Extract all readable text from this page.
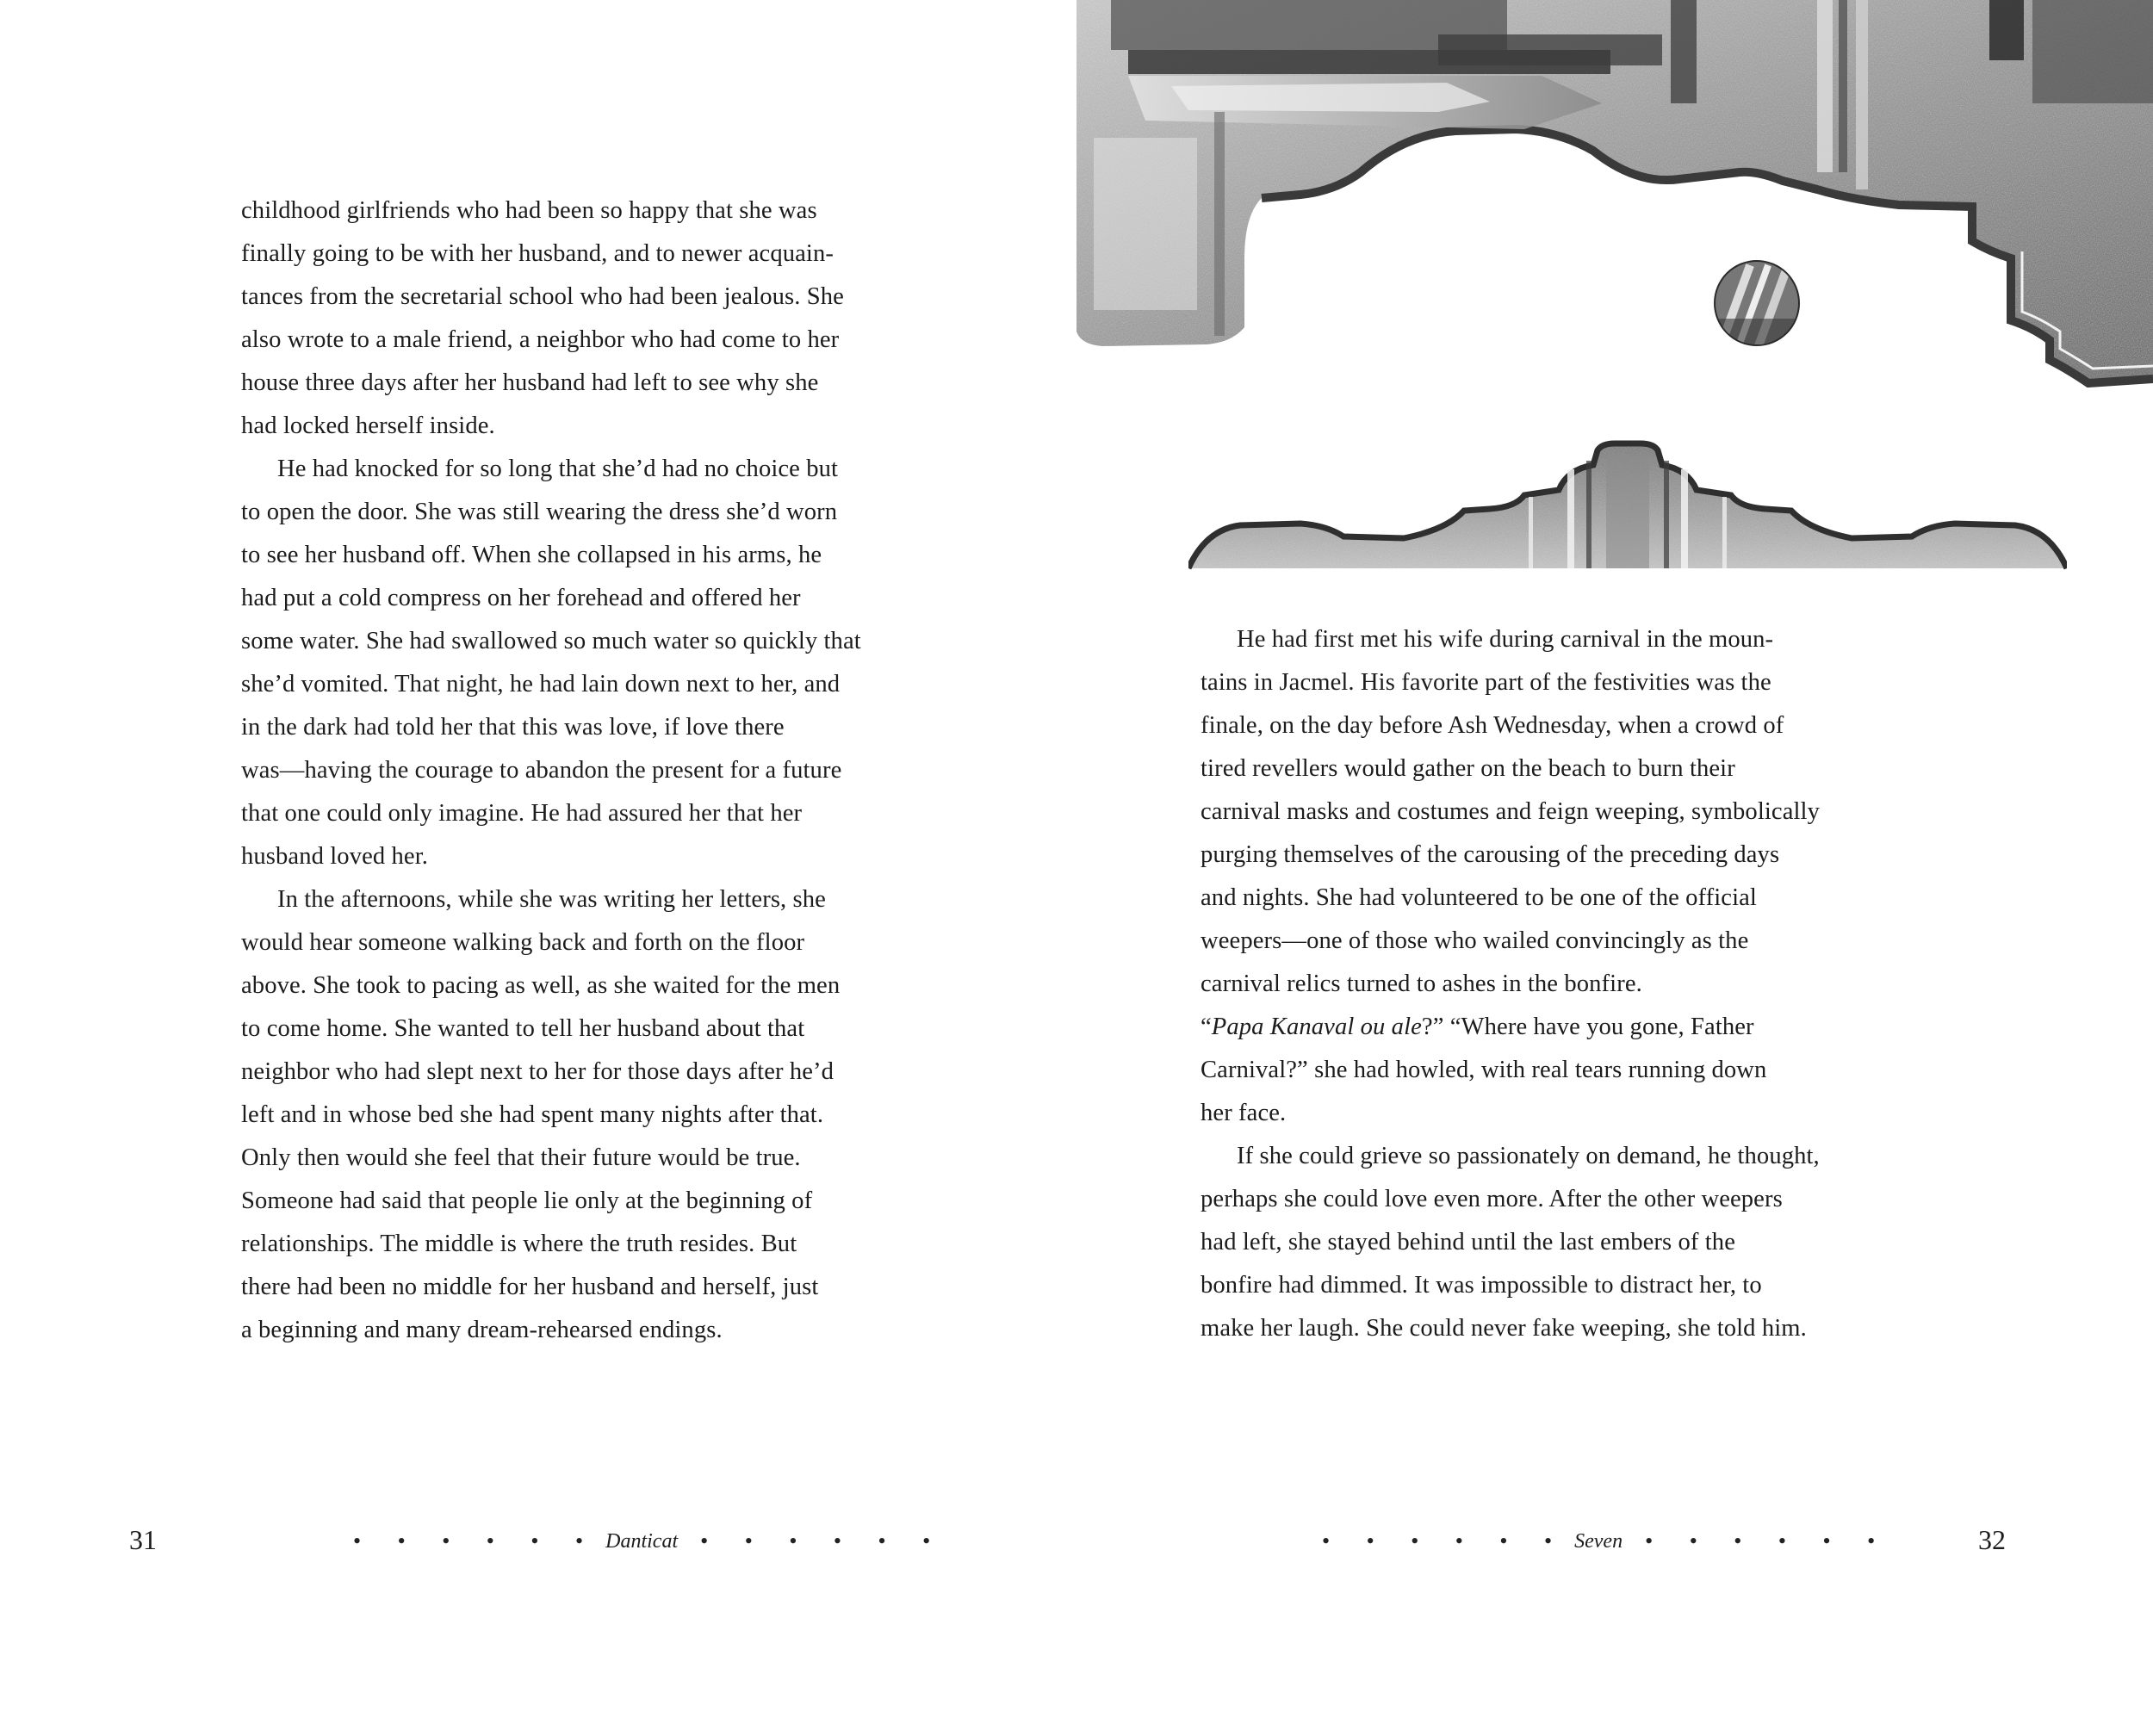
childhood girlfriends who had been so happy that she was

finally going to be with her husband, and to newer acquain-

tances from the secretarial school who had been jealous. She

also wrote to a male friend, a neighbor who had come to her

house three days after her husband had left to see why she

had locked herself inside.

He had knocked for so long that she’d had no choice but

to open the door. She was still wearing the dress she’d worn

to see her husband off. When she collapsed in his arms, he

had put a cold compress on her forehead and offered her

some water. She had swallowed so much water so quickly that

she’d vomited. That night, he had lain down next to her, and

in the dark had told her that this was love, if love there

was—having the courage to abandon the present for a future

that one could only imagine. He had assured her that her

husband loved her.

In the afternoons, while she was writing her letters, she

would hear someone walking back and forth on the floor

above. She took to pacing as well, as she waited for the men

to come home. She wanted to tell her husband about that

neighbor who had slept next to her for those days after he’d

left and in whose bed she had spent many nights after that.

Only then would she feel that their future would be true.

Someone had said that people lie only at the beginning of

relationships. The middle is where the truth resides. But

there had been no middle for her husband and herself, just

a beginning and many dream-rehearsed endings.

31	• • • • • • Danticat • • • • • •

He had first met his wife during carnival in the moun-

tains in Jacmel. His favorite part of the festivities was the

finale, on the day before Ash Wednesday, when a crowd of

tired revellers would gather on the beach to burn their

carnival masks and costumes and feign weeping, symbolically

purging themselves of the carousing of the preceding days

and nights. She had volunteered to be one of the official

weepers—one of those who wailed convincingly as the

carnival relics turned to ashes in the bonfire.

“Papa Kanaval ou ale?” “Where have you gone, Father

Carnival?” she had howled, with real tears running down

her face.

If she could grieve so passionately on demand, he thought,

perhaps she could love even more. After the other weepers

had left, she stayed behind until the last embers of the

bonfire had dimmed. It was impossible to distract her, to

make her laugh. She could never fake weeping, she told him.

• • • • • • Seven • • • • • •	32
